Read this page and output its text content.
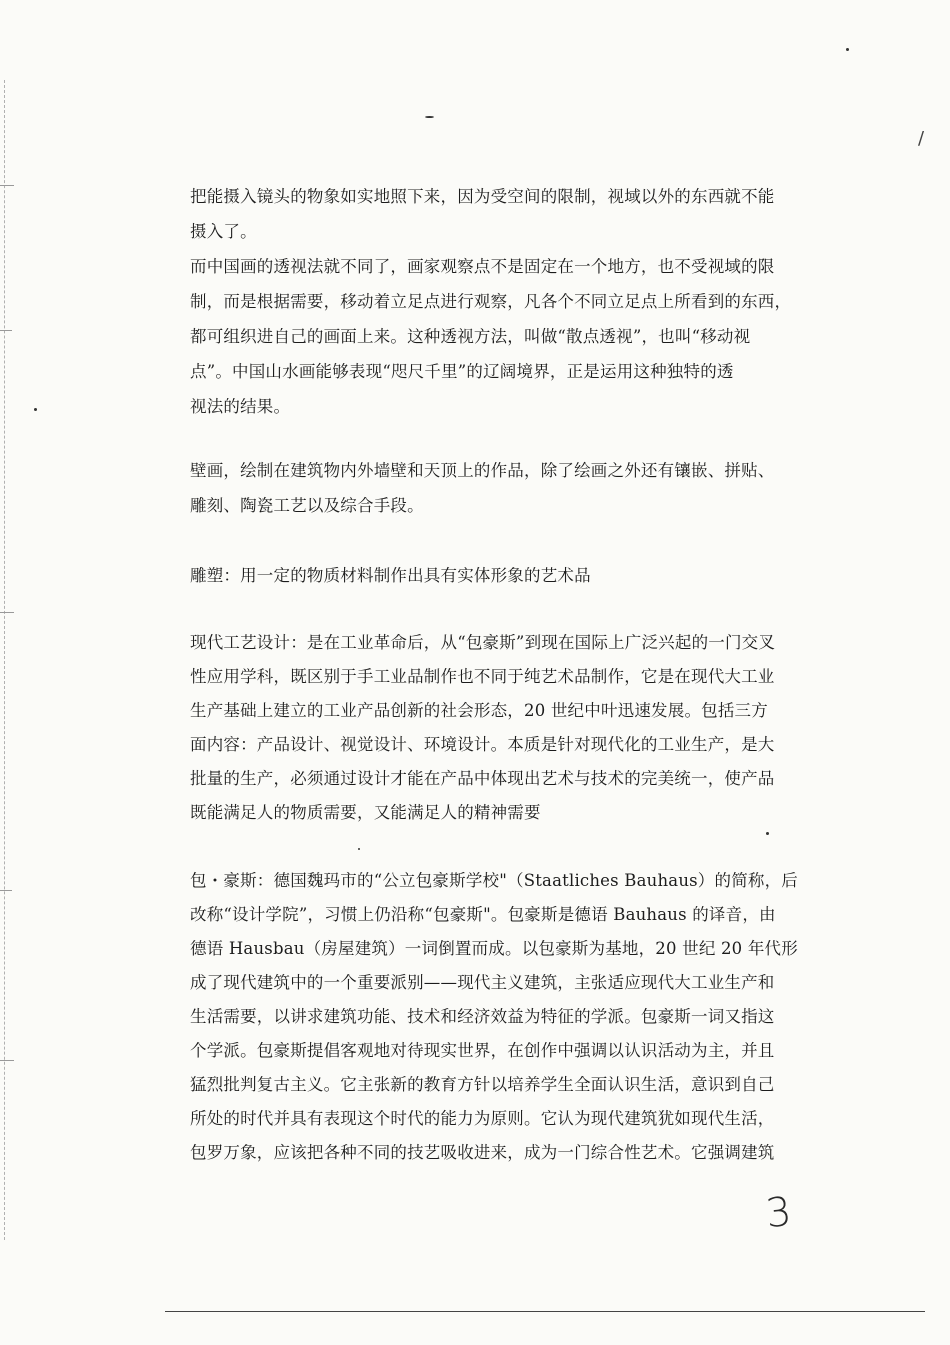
/
把能摄入镜头的物象如实地照下来，因为受空间的限制，视域以外的东西就不能
摄入了。
而中国画的透视法就不同了，画家观察点不是固定在一个地方，也不受视域的限
制，而是根据需要，移动着立足点进行观察，凡各个不同立足点上所看到的东西，
都可组织进自己的画面上来。这种透视方法，叫做“散点透视”，也叫“移动视
点”。中国山水画能够表现“咫尺千里”的辽阔境界，正是运用这种独特的透
视法的结果。
壁画，绘制在建筑物内外墙壁和天顶上的作品，除了绘画之外还有镶嵌、拼贴、
雕刻、陶瓷工艺以及综合手段。
雕塑：用一定的物质材料制作出具有实体形象的艺术品
现代工艺设计：是在工业革命后，从“包豪斯”到现在国际上广泛兴起的一门交叉
性应用学科，既区别于手工业品制作也不同于纯艺术品制作，它是在现代大工业
生产基础上建立的工业产品创新的社会形态，20 世纪中叶迅速发展。包括三方
面内容：产品设计、视觉设计、环境设计。本质是针对现代化的工业生产，是大
批量的生产，必须通过设计才能在产品中体现出艺术与技术的完美统一，使产品
既能满足人的物质需要，又能满足人的精神需要
包・豪斯：德国魏玛市的“公立包豪斯学校"（Staatliches Bauhaus）的简称，后
改称“设计学院”，习惯上仍沿称“包豪斯"。包豪斯是德语 Bauhaus 的译音，由
德语 Hausbau（房屋建筑）一词倒置而成。以包豪斯为基地，20 世纪 20 年代形
成了现代建筑中的一个重要派别——现代主义建筑，主张适应现代大工业生产和
生活需要，以讲求建筑功能、技术和经济效益为特征的学派。包豪斯一词又指这
个学派。包豪斯提倡客观地对待现实世界，在创作中强调以认识活动为主，并且
猛烈批判复古主义。它主张新的教育方针以培养学生全面认识生活，意识到自己
所处的时代并具有表现这个时代的能力为原则。它认为现代建筑犹如现代生活，
包罗万象，应该把各种不同的技艺吸收进来，成为一门综合性艺术。它强调建筑
3
